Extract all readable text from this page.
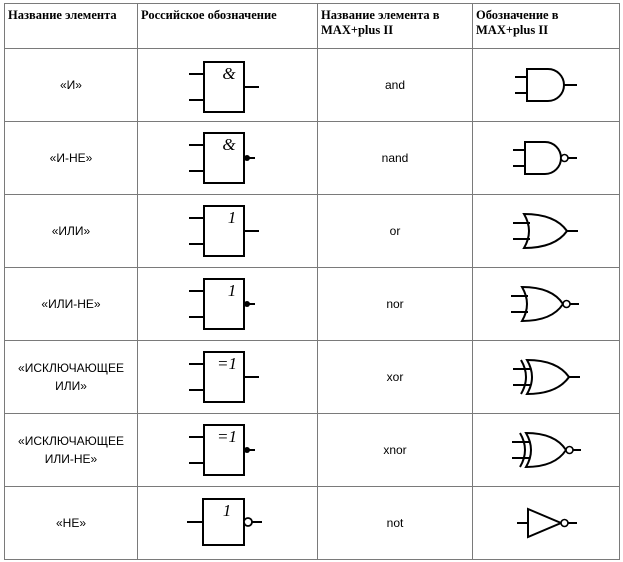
Название элемента	Российское обозначение	Название элемента в MAX+plus II	Обозначение в MAX+plus II
«И»	&	and	

«И-НЕ»	&	nand	

«ИЛИ»	1	or	

«ИЛИ-НЕ»	1	nor	

«ИСКЛЮЧАЮЩЕЕ ИЛИ»	=1	xor	

«ИСКЛЮЧАЮЩЕЕ ИЛИ-НЕ»	=1	xnor	

«НЕ»	1	not	
